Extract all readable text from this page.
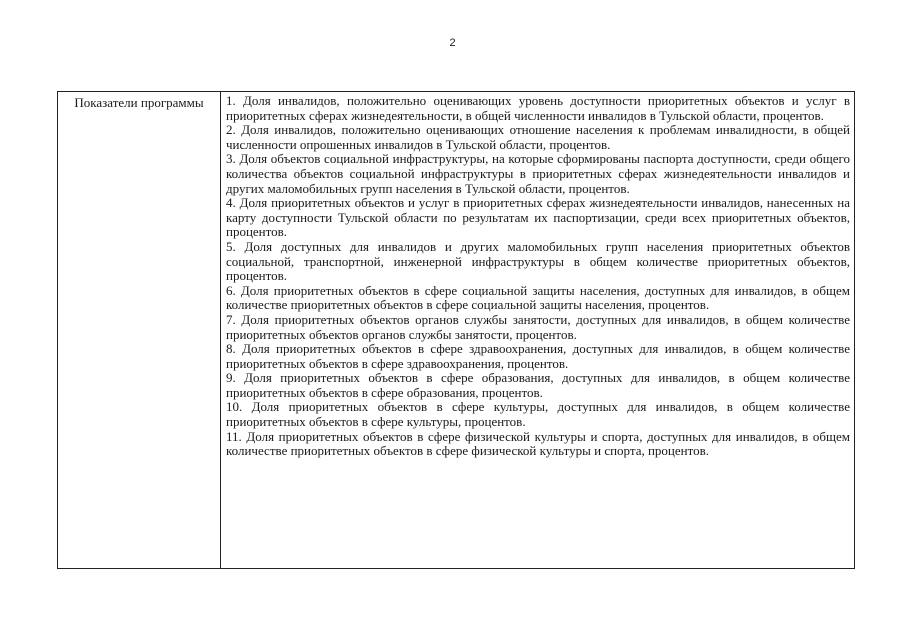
2
Показатели программы	1. Доля инвалидов, положительно оценивающих уровень доступности приоритетных объектов и услуг в приоритетных сферах жизнедеятельности, в общей численности инвалидов в Тульской области, процентов.

2. Доля инвалидов, положительно оценивающих отношение населения к проблемам инвалидности, в общей численности опрошенных инвалидов в Тульской области, процентов.

3. Доля объектов социальной инфраструктуры, на которые сформированы паспорта доступности, среди общего количества объектов социальной инфраструктуры в приоритетных сферах жизнедеятельности инвалидов и других маломобильных групп населения в Тульской области, процентов.

4. Доля приоритетных объектов и услуг в приоритетных сферах жизнедеятельности инвалидов, нанесенных на карту доступности Тульской области по результатам их паспортизации, среди всех приоритетных объектов, процентов.

5. Доля доступных для инвалидов и других маломобильных групп населения приоритетных объектов социальной, транспортной, инженерной инфраструктуры в общем количестве приоритетных объектов, процентов.

6. Доля приоритетных объектов в сфере социальной защиты населения, доступных для инвалидов, в общем количестве приоритетных объектов в сфере социальной защиты населения, процентов.

7. Доля приоритетных объектов органов службы занятости, доступных для инвалидов, в общем количестве приоритетных объектов органов службы занятости, процентов.

8. Доля приоритетных объектов в сфере здравоохранения, доступных для инвалидов, в общем количестве приоритетных объектов в сфере здравоохранения, процентов.

9. Доля приоритетных объектов в сфере образования, доступных для инвалидов, в общем количестве приоритетных объектов в сфере образования, процентов.

10. Доля приоритетных объектов в сфере культуры, доступных для инвалидов, в общем количестве приоритетных объектов в сфере культуры, процентов.

11. Доля приоритетных объектов в сфере физической культуры и спорта, доступных для инвалидов, в общем количестве приоритетных объектов в сфере физической культуры и спорта, процентов.
